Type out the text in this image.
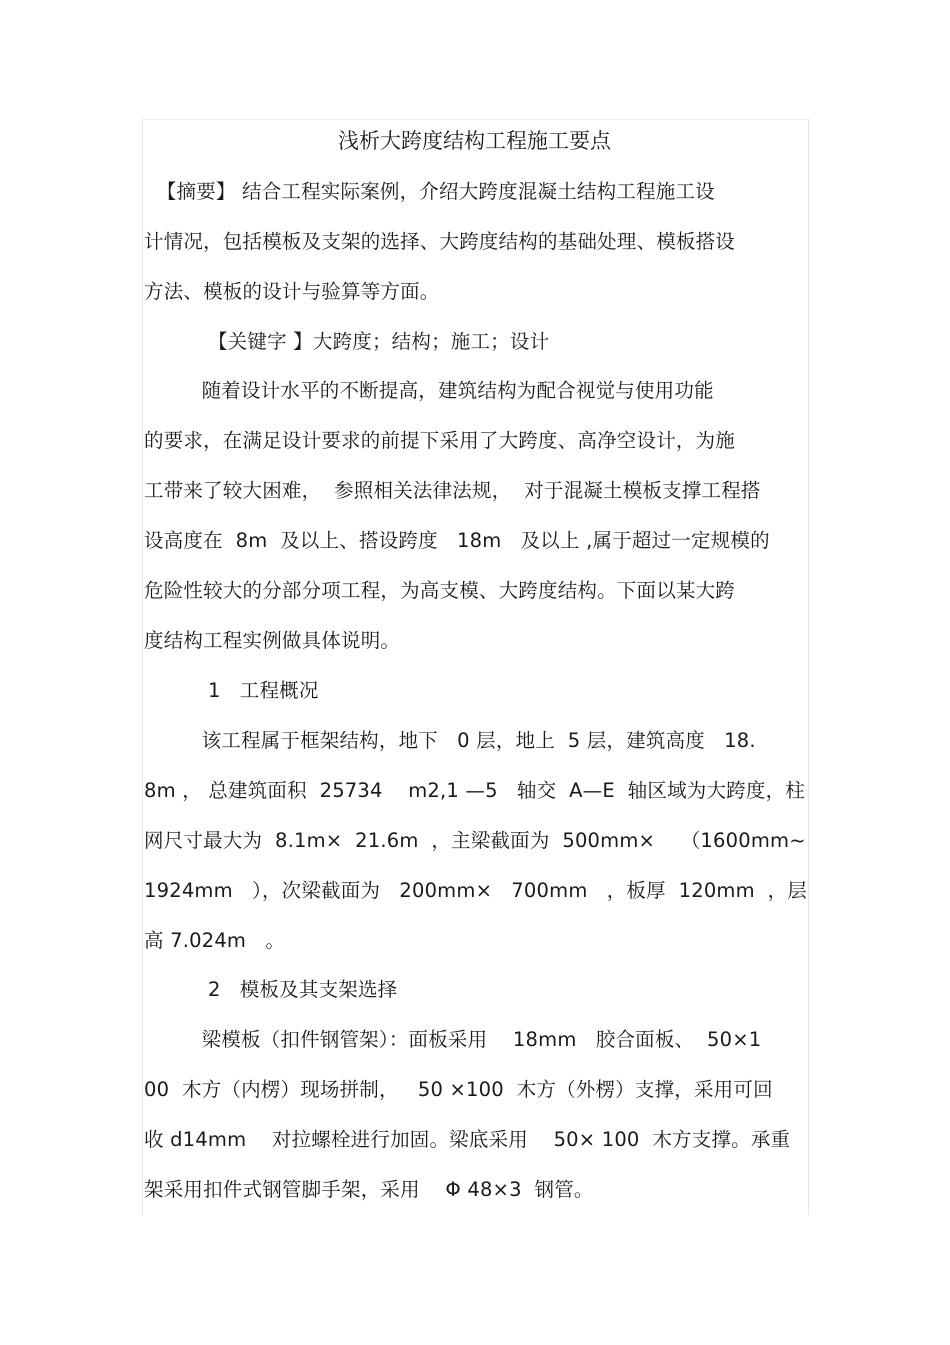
浅析大跨度结构工程施工要点
【摘要】 结合工程实际案例，介绍大跨度混凝土结构工程施工设
计情况，包括模板及支架的选择、大跨度结构的基础处理、模板搭设
方法、模板的设计与验算等方面。
【关键字 】大跨度；结构；施工；设计
随着设计水平的不断提高，建筑结构为配合视觉与使用功能
的要求，在满足设计要求的前提下采用了大跨度、高净空设计，为施
工带来了较大困难，  参照相关法律法规，  对于混凝土模板支撑工程搭
设高度在  8m  及以上、搭设跨度   18m   及以上 ,属于超过一定规模的
危险性较大的分部分项工程，为高支模、大跨度结构。下面以某大跨
度结构工程实例做具体说明。
1   工程概况
该工程属于框架结构，地下   0 层，地上  5 层，建筑高度   18.
8m ， 总建筑面积  25734    m2,1 —5   轴交  A—E  轴区域为大跨度，柱
网尺寸最大为  8.1m×  21.6m  ，主梁截面为  500mm×    （1600mm~
1924mm   ），次梁截面为   200mm×   700mm   ，板厚  120mm  ，层
高 7.024m   。
2   模板及其支架选择
梁模板（扣件钢管架）：面板采用    18mm   胶合面板、  50×1
00  木方（内楞）现场拼制，   50 ×100  木方（外楞）支撑，采用可回
收 d14mm    对拉螺栓进行加固。梁底采用    50× 100  木方支撑。承重
架采用扣件式钢管脚手架，采用    Φ 48×3  钢管。
